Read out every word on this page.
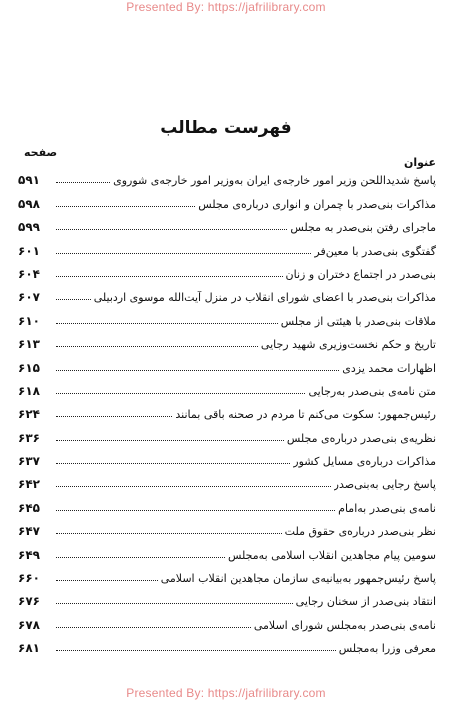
Presented By: https://jafrilibrary.com
فهرست مطالب
عنوان
صفحه
پاسخ شدیداللحن وزیر امور خارجه‌ی ایران به‌وزیر امور خارجه‌ی شوروی
۵۹۱
مذاکرات بنی‌صدر با چمران و انواری درباره‌ی مجلس
۵۹۸
ماجرای رفتن بنی‌صدر به مجلس
۵۹۹
گفتگوی بنی‌صدر با معین‌فر
۶۰۱
بنی‌صدر در اجتماع دختران و زنان
۶۰۴
مذاکرات بنی‌صدر با اعضای شورای انقلاب در منزل آیت‌الله موسوی اردبیلی
۶۰۷
ملاقات بنی‌صدر با هیئتی از مجلس
۶۱۰
تاریخ و حکم نخست‌وزیری شهید رجایی
۶۱۳
اظهارات محمد یزدی
۶۱۵
متن نامه‌ی بنی‌صدر به‌رجایی
۶۱۸
رئیس‌جمهور: سکوت می‌کنم تا مردم در صحنه باقی بمانند
۶۲۴
نظریه‌ی بنی‌صدر درباره‌ی مجلس
۶۳۶
مذاکرات درباره‌ی مسایل کشور
۶۳۷
پاسخ رجایی به‌بنی‌صدر
۶۴۲
نامه‌ی بنی‌صدر به‌امام
۶۴۵
نظر بنی‌صدر درباره‌ی حقوق ملت
۶۴۷
سومین پیام مجاهدین انقلاب اسلامی به‌مجلس
۶۴۹
پاسخ رئیس‌جمهور به‌بیانیه‌ی سازمان مجاهدین انقلاب اسلامی
۶۶۰
انتقاد بنی‌صدر از سخنان رجایی
۶۷۶
نامه‌ی بنی‌صدر به‌مجلس شورای اسلامی
۶۷۸
معرفی وزرا به‌مجلس
۶۸۱
Presented By: https://jafrilibrary.com
